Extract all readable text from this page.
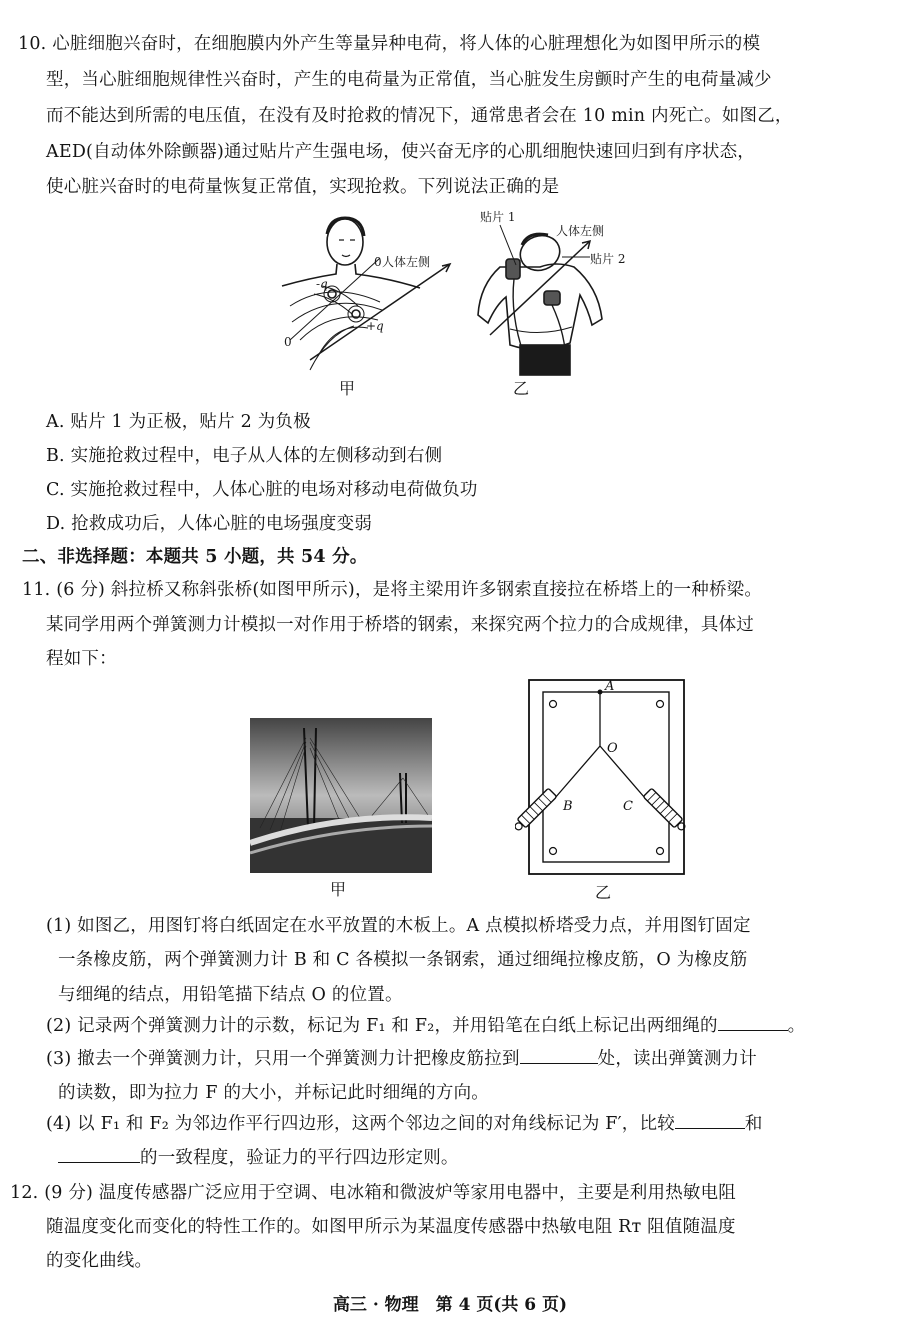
10. 心脏细胞兴奋时，在细胞膜内外产生等量异种电荷，将人体的心脏理想化为如图甲所示的模
型，当心脏细胞规律性兴奋时，产生的电荷量为正常值，当心脏发生房颤时产生的电荷量减少
而不能达到所需的电压值，在没有及时抢救的情况下，通常患者会在 10 min 内死亡。如图乙，
AED(自动体外除颤器)通过贴片产生强电场，使兴奋无序的心肌细胞快速回归到有序状态，
使心脏兴奋时的电荷量恢复正常值，实现抢救。下列说法正确的是
-q
+q
0
0
人体左侧
甲
贴片 1
人体左侧
贴片 2
乙
A. 贴片 1 为正极，贴片 2 为负极
B. 实施抢救过程中，电子从人体的左侧移动到右侧
C. 实施抢救过程中，人体心脏的电场对移动电荷做负功
D. 抢救成功后，人体心脏的电场强度变弱
二、非选择题：本题共 5 小题，共 54 分。
11. (6 分) 斜拉桥又称斜张桥(如图甲所示)，是将主梁用许多钢索直接拉在桥塔上的一种桥梁。
某同学用两个弹簧测力计模拟一对作用于桥塔的钢索，来探究两个拉力的合成规律，具体过
程如下：
甲
A
O
B	C
乙
(1) 如图乙，用图钉将白纸固定在水平放置的木板上。A 点模拟桥塔受力点，并用图钉固定
一条橡皮筋，两个弹簧测力计 B 和 C 各模拟一条钢索，通过细绳拉橡皮筋，O 为橡皮筋
与细绳的结点，用铅笔描下结点 O 的位置。
(2) 记录两个弹簧测力计的示数，标记为 F₁ 和 F₂，并用铅笔在白纸上标记出两细绳的	。
(3) 撤去一个弹簧测力计，只用一个弹簧测力计把橡皮筋拉到	处，读出弹簧测力计
的读数，即为拉力 F 的大小，并标记此时细绳的方向。
(4) 以 F₁ 和 F₂ 为邻边作平行四边形，这两个邻边之间的对角线标记为 F′，比较	和
的一致程度，验证力的平行四边形定则。
12. (9 分) 温度传感器广泛应用于空调、电冰箱和微波炉等家用电器中，主要是利用热敏电阻
随温度变化而变化的特性工作的。如图甲所示为某温度传感器中热敏电阻 Rᴛ 阻值随温度
的变化曲线。
高三 · 物理　第 4 页(共 6 页)
